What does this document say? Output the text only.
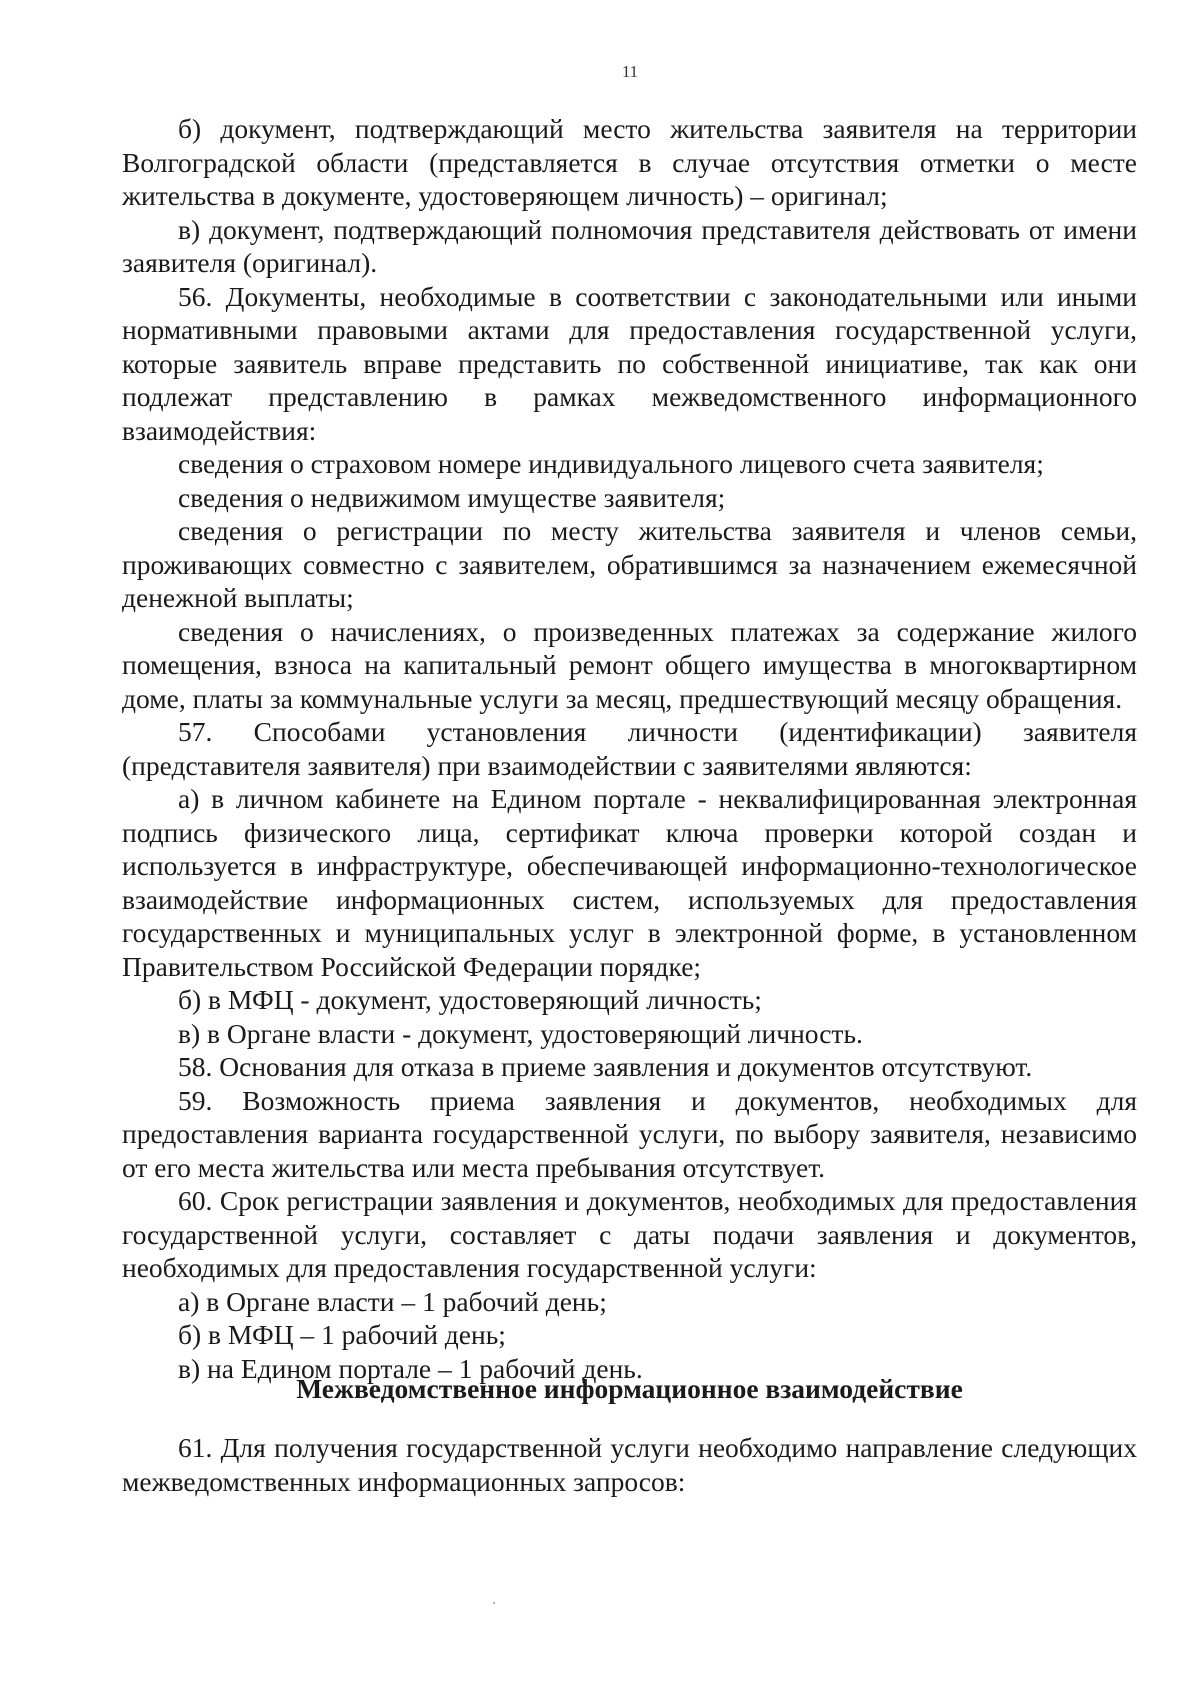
11

б) документ, подтверждающий место жительства заявителя на территории Волгоградской области (представляется в случае отсутствия отметки о месте жительства в документе, удостоверяющем личность) – оригинал;

в) документ, подтверждающий полномочия представителя действовать от имени заявителя (оригинал).

56. Документы, необходимые в соответствии с законодательными или иными нормативными правовыми актами для предоставления государственной услуги, которые заявитель вправе представить по собственной инициативе, так как они подлежат представлению в рамках межведомственного информационного взаимодействия:

сведения о страховом номере индивидуального лицевого счета заявителя;

сведения о недвижимом имуществе заявителя;

сведения о регистрации по месту жительства заявителя и членов семьи, проживающих совместно с заявителем, обратившимся за назначением ежемесячной денежной выплаты;

сведения о начислениях, о произведенных платежах за содержание жилого помещения, взноса на капитальный ремонт общего имущества в многоквартирном доме, платы за коммунальные услуги за месяц, предшествующий месяцу обращения.

57. Способами установления личности (идентификации) заявителя (представителя заявителя) при взаимодействии с заявителями являются:

а) в личном кабинете на Едином портале - неквалифицированная электронная подпись физического лица, сертификат ключа проверки которой создан и используется в инфраструктуре, обеспечивающей информационно-технологическое взаимодействие информационных систем, используемых для предоставления государственных и муниципальных услуг в электронной форме, в установленном Правительством Российской Федерации порядке;

б) в МФЦ - документ, удостоверяющий личность;

в) в Органе власти - документ, удостоверяющий личность.

58. Основания для отказа в приеме заявления и документов отсутствуют.

59. Возможность приема заявления и документов, необходимых для предоставления варианта государственной услуги, по выбору заявителя, независимо от его места жительства или места пребывания отсутствует.

60. Срок регистрации заявления и документов, необходимых для предоставления государственной услуги, составляет с даты подачи заявления и документов, необходимых для предоставления государственной услуги:

а) в Органе власти – 1 рабочий день;

б) в МФЦ – 1 рабочий день;

в) на Едином портале – 1 рабочий день.

Межведомственное информационное взаимодействие

61. Для получения государственной услуги необходимо направление следующих межведомственных информационных запросов:
